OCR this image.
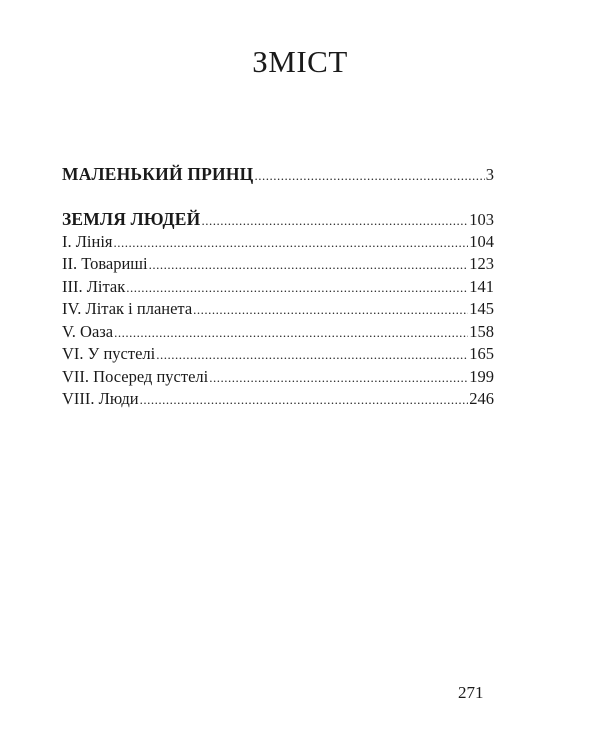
ЗМІСТ
МАЛЕНЬКИЙ ПРИНЦ .....	3
ЗЕМЛЯ ЛЮДЕЙ .....	103
I. Лінія .....	104
II. Товариші .....	123
III. Літак .....	141
IV. Літак і планета .....	145
V. Оаза .....	158
VI. У пустелі .....	165
VII. Посеред пустелі .....	199
VIII. Люди .....	246
271
